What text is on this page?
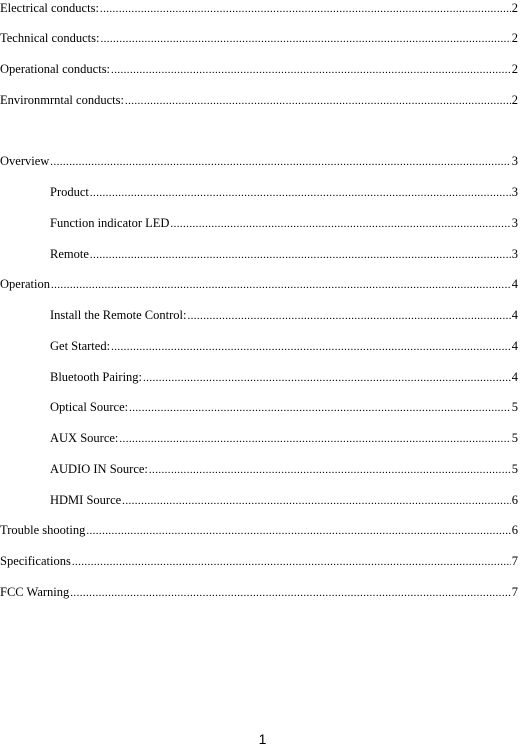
Electrical conducts: .....	2
Technical conducts: .....	2
Operational conducts: .....	2
Environmrntal conducts: .....	2
Overview .....	3
Product .....	3
Function indicator LED .....	3
Remote .....	3
Operation .....	4
Install the Remote Control: .....	4
Get Started: .....	4
Bluetooth Pairing: .....	4
Optical Source: .....	5
AUX Source: .....	5
AUDIO IN Source: .....	5
HDMI Source .....	6
Trouble shooting .....	6
Specifications .....	7
FCC Warning .....	7
1
